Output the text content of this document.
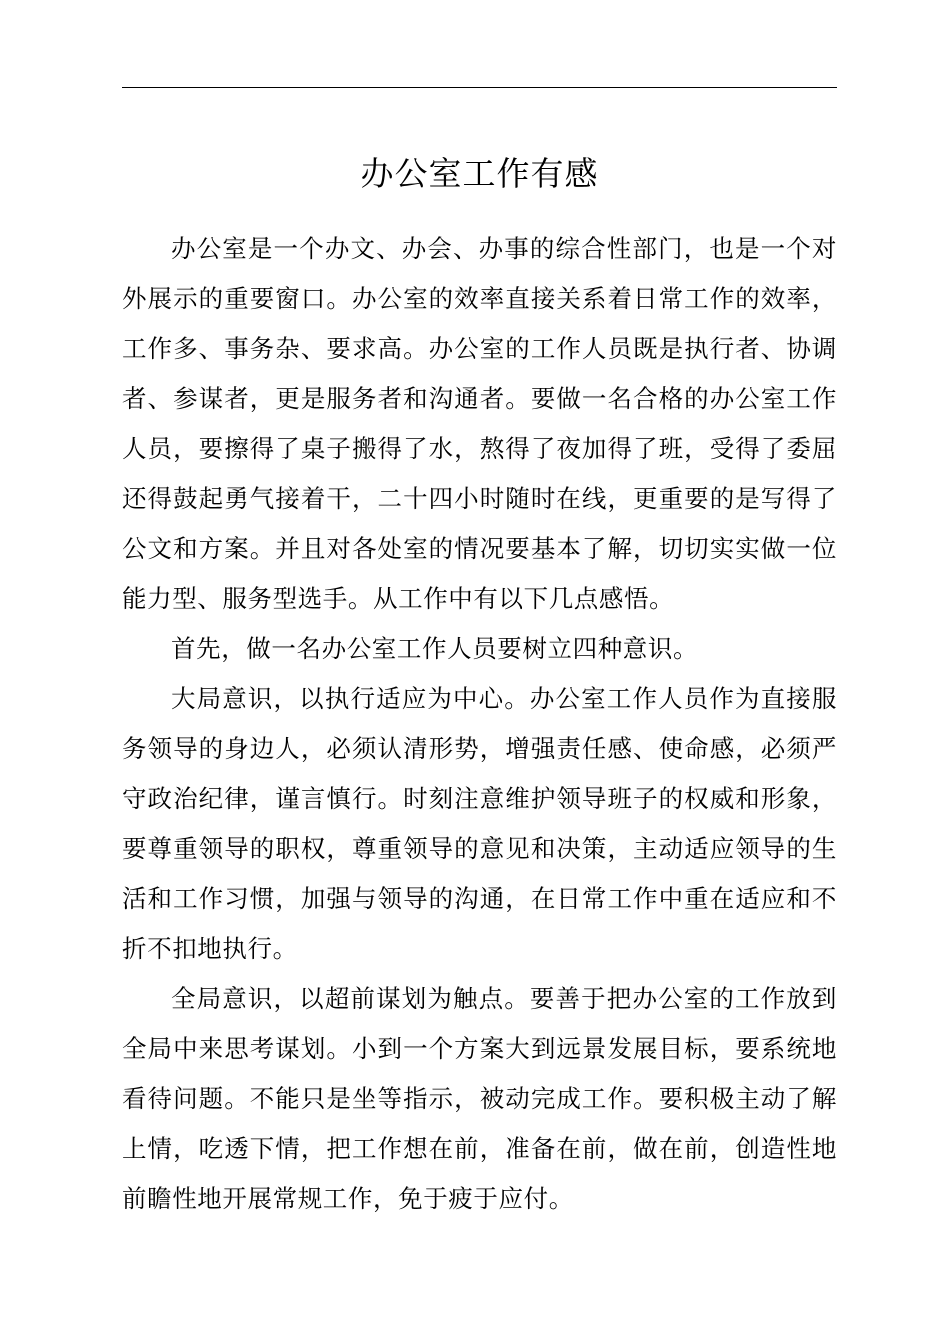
办公室工作有感

办公室是一个办文、办会、办事的综合性部门，也是一个对外展示的重要窗口。办公室的效率直接关系着日常工作的效率，工作多、事务杂、要求高。办公室的工作人员既是执行者、协调者、参谋者，更是服务者和沟通者。要做一名合格的办公室工作人员，要擦得了桌子搬得了水，熬得了夜加得了班，受得了委屈还得鼓起勇气接着干，二十四小时随时在线，更重要的是写得了公文和方案。并且对各处室的情况要基本了解，切切实实做一位能力型、服务型选手。从工作中有以下几点感悟。

首先，做一名办公室工作人员要树立四种意识。

大局意识，以执行适应为中心。办公室工作人员作为直接服务领导的身边人，必须认清形势，增强责任感、使命感，必须严守政治纪律，谨言慎行。时刻注意维护领导班子的权威和形象，要尊重领导的职权，尊重领导的意见和决策，主动适应领导的生活和工作习惯，加强与领导的沟通，在日常工作中重在适应和不折不扣地执行。

全局意识，以超前谋划为触点。要善于把办公室的工作放到全局中来思考谋划。小到一个方案大到远景发展目标，要系统地看待问题。不能只是坐等指示，被动完成工作。要积极主动了解上情，吃透下情，把工作想在前，准备在前，做在前，创造性地前瞻性地开展常规工作，免于疲于应付。
